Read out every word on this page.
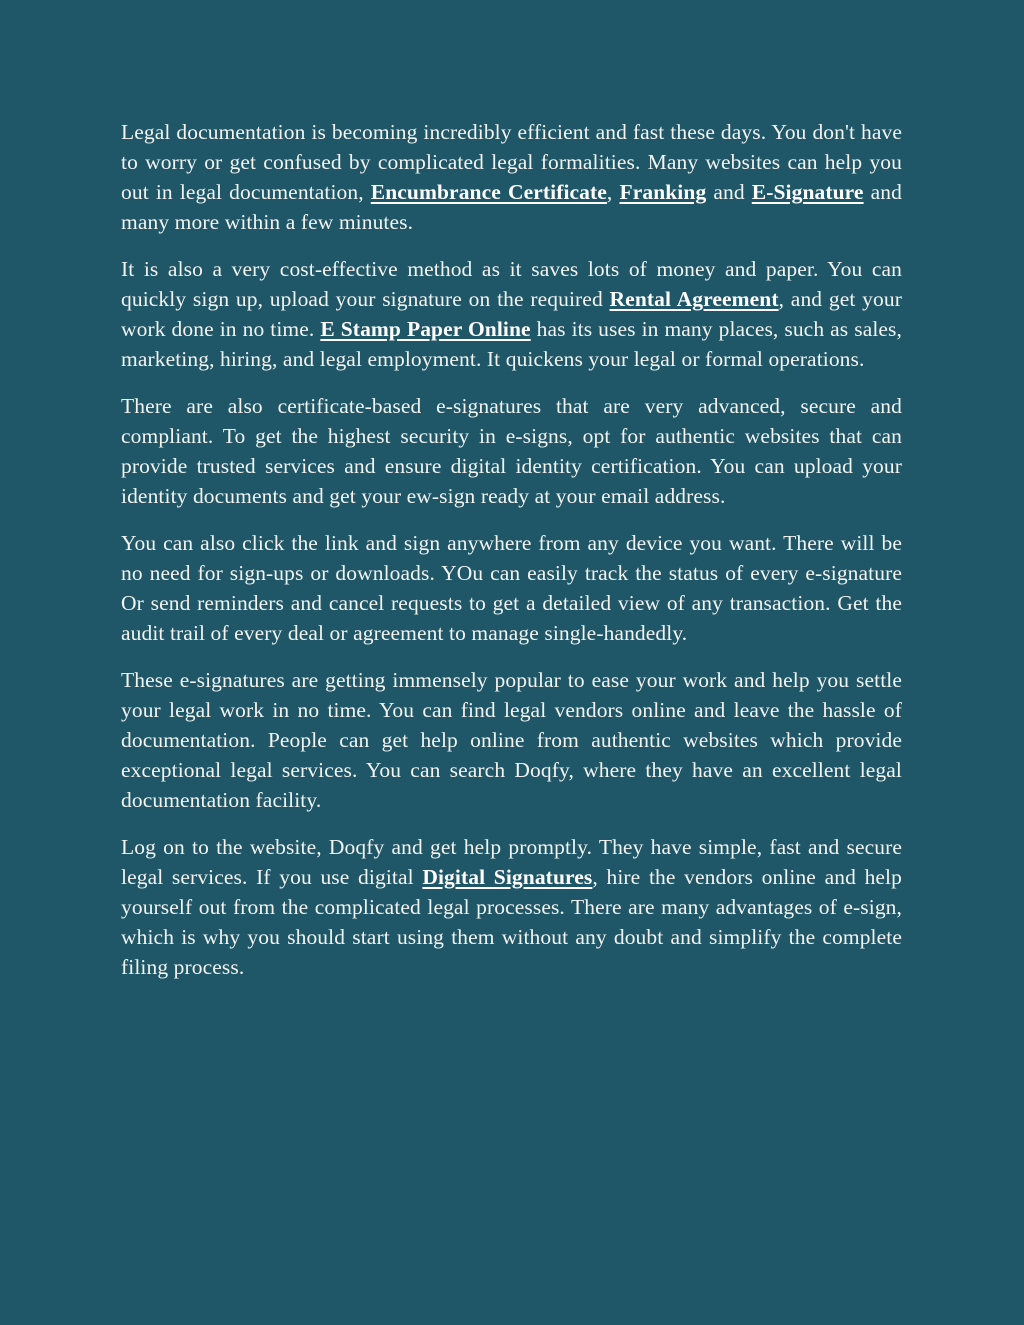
Legal documentation is becoming incredibly efficient and fast these days. You don't have to worry or get confused by complicated legal formalities. Many websites can help you out in legal documentation, Encumbrance Certificate, Franking and E-Signature and many more within a few minutes.

It is also a very cost-effective method as it saves lots of money and paper. You can quickly sign up, upload your signature on the required Rental Agreement, and get your work done in no time. E Stamp Paper Online has its uses in many places, such as sales, marketing, hiring, and legal employment. It quickens your legal or formal operations.

There are also certificate-based e-signatures that are very advanced, secure and compliant. To get the highest security in e-signs, opt for authentic websites that can provide trusted services and ensure digital identity certification. You can upload your identity documents and get your ew-sign ready at your email address.

You can also click the link and sign anywhere from any device you want. There will be no need for sign-ups or downloads. YOu can easily track the status of every e-signature Or send reminders and cancel requests to get a detailed view of any transaction. Get the audit trail of every deal or agreement to manage single-handedly.

These e-signatures are getting immensely popular to ease your work and help you settle your legal work in no time. You can find legal vendors online and leave the hassle of documentation. People can get help online from authentic websites which provide exceptional legal services. You can search Doqfy, where they have an excellent legal documentation facility.

Log on to the website, Doqfy and get help promptly. They have simple, fast and secure legal services. If you use digital Digital Signatures, hire the vendors online and help yourself out from the complicated legal processes. There are many advantages of e-sign, which is why you should start using them without any doubt and simplify the complete filing process.
